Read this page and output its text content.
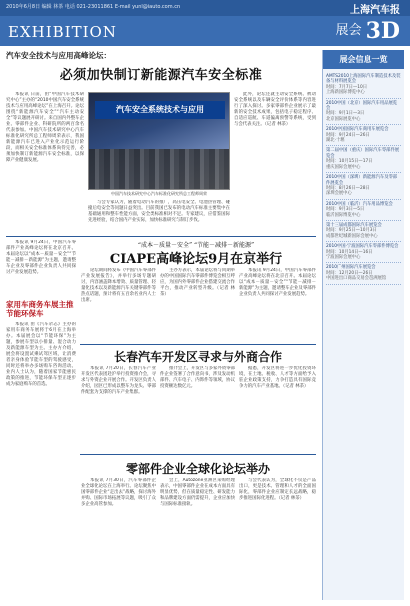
2010年6月8日 编辑 林茶 电话 021-23011861 E-mail yunl@iauto.com.cn	上海汽车报
EXHIBITION	展会 3D
汽车安全技术与应用高峰论坛：
必须加快制订新能源汽车安全标准

本报讯 日前，由“中国汽车技术研究中心”主办的“2010中国汽车安全系统技术与应用高峰论坛”在上海召开。论坛围绕“新能源汽车安全”“汽车主动安全”等议题展开研讨。来自国内外整车企业、零部件企业、科研院所的两百余名代表参加。中国汽车技术研究中心汽车标准化研究所总工程师周荣表示，我国新能源汽车已进入产业化示范运行阶段，而相关安全标准体系尚待完善，必须加快制订新能源汽车安全标准，以保障产业健康发展。

汽车安全系统技术与应用
中国汽车技术研究中心汽车标准化研究所总工程师周荣

与会专家认为，随着电动汽车的推广，高压电安全、电池热管理、碰撞后电安全等问题日益突出。目前我国已发布的电动汽车标准主要集中在基础通用和整车性能方面，安全类标准相对不足。专家建议，应借鉴国际先进经验，结合国内产业实际，加快标准研究与制订步伐。

此外，论坛还就主动安全系统、被动安全系统以及车辆安全评价体系等内容进行了深入探讨。多家零部件企业展示了最新的安全技术成果，包括电子稳定程序、自适应巡航、车道偏离预警等系统，受到与会代表关注。（记者 林茶）

“成本－质量－安全” “节能－减排－新能源”
CIAPE高峰论坛9月在京举行

本报讯 9月24日，中国汽车零部件产业高峰论坛将在北京召开。本届论坛以“成本－质量－安全”“节能－减排－新能源”为主题，邀请整车企业及零部件企业负责人共同探讨产业发展趋势。	论坛期间将发布《中国汽车零部件产业发展报告》，并举行多场专题研讨，内容涵盖降本增效、质量管理、轻量化技术以及新能源汽车关键零部件等热点话题，预计将有五百余名业内人士出席。

主办方表示，本届论坛将与同期举办的中国国际汽车零部件博览会相互呼应，为国内外零部件企业搭建交流合作平台，推动产业转型升级。（记者 林茶）

本报讯 9月24日，中国汽车零部件产业高峰论坛将在北京召开。本届论坛以“成本－质量－安全”“节能－减排－新能源”为主题，邀请整车企业及零部件企业负责人共同探讨产业发展趋势。

家用车商务车展主推节能环保车

本报讯 由《汽车杂志》主办的家用车商务车展将于6月在上海举办。本届展会以“节能环保”为主题，参展车型以小排量、混合动力及新能源车型为主。主办方介绍，展会将设置试乘试驾区域，让消费者亲身体验节能车型的驾驶感受，同时还将举办多场购车咨询活动。业内人士认为，随着国家节能惠民政策的推进，节能环保车型正逐步成为家庭购车的首选。

长春汽车开发区寻求与外商合作

本报讯 7月20日，长春汽车产业开发区代表团赴沪举行投资推介会，寻求与外资企业开展合作。开发区负责人介绍，园区已形成以整车为龙头、零部件配套为支撑的汽车产业集群。

推介会上，开发区与多家外资零部件企业签署了合作意向书，涉及发动机部件、汽车电子、内饰件等领域，协议投资额达数亿元。

据悉，开发区将进一步优化投资环境，在土地、税收、人才等方面给予入驻企业政策支持，力争打造具有国际竞争力的汽车产业基地。（记者 林茶）

零部件企业全球化论坛举办

本报讯 7月30日，汽车零部件企业全球化论坛在上海举行。论坛聚焦中国零部件企业“走出去”战略，探讨海外并购、国际市场拓展等议题，吸引了众多企业高管参加。

会上，Autozone亚洲区采购经理表示，中国零部件企业在成本方面具有明显优势，但在质量稳定性、研发能力和品牌建设方面仍需提升，企业应加快与国际标准接轨。

与会代表认为，全球化不仅是产品出口，更是技术、管理和人才的全面国际化，零部件企业应制定长远战略，稳步推进国际化进程。（记者 林茶）

展会信息一览
AMTS2010上海国际汽车制造技术及装备与材料展览会
时间：7月7日—10日
上海新国际博览中心
2010中国（北京）国际汽车用品展览会
时间：9月1日—3日
北京国际展览中心
2010中国国际汽车商用车展览会
时间：9月24日—26日
湖北·十堰
第二届中国（重庆）国际汽车零部件展览会
时间：10月15日—17日
重庆国际会展中心
2010中国（深圳）新能源汽车及零部件展览会
时间：8月26日—28日
深圳会展中心
2010中国（临沂）汽车用品博览会
时间：9月3日—5日
临沂国际博览中心
第十三届成都国际汽车展览会
时间：9月25日—10月3日
成都世纪城新国际会展中心
2010中国·宁波国际汽车零部件博览会
时间：10月14日—16日
宁波国际会展中心
2010广州国际汽车展览会
时间：12月20日—26日
中国进出口商品交易会琶洲展馆
